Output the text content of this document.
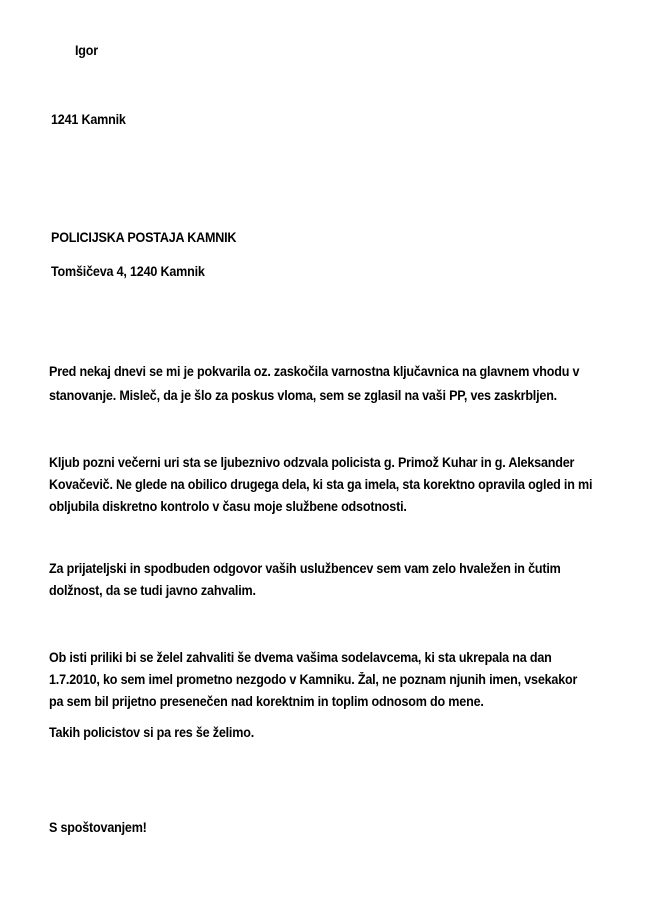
Igor
1241 Kamnik
POLICIJSKA POSTAJA KAMNIK
Tomšičeva 4, 1240 Kamnik
Pred nekaj dnevi se mi je pokvarila oz. zaskočila varnostna ključavnica na glavnem vhodu v
stanovanje. Misleč, da je šlo za poskus vloma, sem se zglasil na vaši PP, ves zaskrbljen.
Kljub pozni večerni uri sta se ljubeznivo odzvala policista g. Primož Kuhar in g. Aleksander
Kovačevič. Ne glede na obilico drugega dela, ki sta ga imela, sta korektno opravila ogled in mi
obljubila diskretno kontrolo v času moje službene odsotnosti.
Za prijateljski in spodbuden odgovor vaših uslužbencev sem vam zelo hvaležen in čutim
dolžnost, da se tudi javno zahvalim.
Ob isti priliki bi se želel zahvaliti še dvema vašima sodelavcema, ki sta ukrepala na dan
1.7.2010, ko sem imel prometno nezgodo v Kamniku. Žal, ne poznam njunih imen, vsekakor
pa sem bil prijetno presenečen nad korektnim in toplim odnosom do mene.
Takih policistov si pa res še želimo.
S spoštovanjem!
